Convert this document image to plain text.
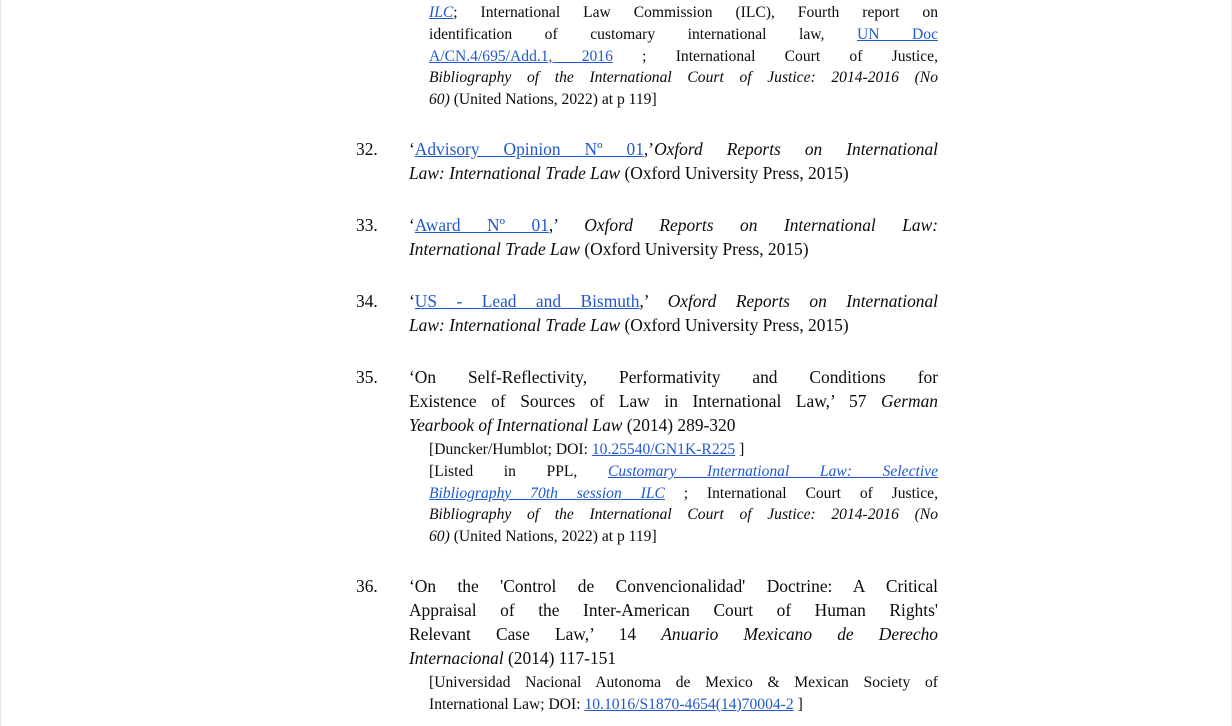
ILC; International Law Commission (ILC), Fourth report on
identification of customary international law, UN Doc
A/CN.4/695/Add.1, 2016 ; International Court of Justice,
Bibliography of the International Court of Justice: 2014-2016 (No
60) (United Nations, 2022) at p 119]
32.	‘Advisory Opinion Nº 01,’Oxford Reports on International
Law: International Trade Law (Oxford University Press, 2015)
33.	‘Award Nº 01,’ Oxford Reports on International Law:
International Trade Law (Oxford University Press, 2015)
34.	‘US - Lead and Bismuth,’ Oxford Reports on International
Law: International Trade Law (Oxford University Press, 2015)
35.	‘On Self-Reflectivity, Performativity and Conditions for
Existence of Sources of Law in International Law,’ 57 German
Yearbook of International Law (2014) 289-320
[Duncker/Humblot; DOI: 10.25540/GN1K-R225 ]
[Listed in PPL, Customary International Law: Selective
Bibliography 70th session ILC ; International Court of Justice,
Bibliography of the International Court of Justice: 2014-2016 (No
60) (United Nations, 2022) at p 119]
36.	‘On the 'Control de Convencionalidad' Doctrine: A Critical
Appraisal of the Inter-American Court of Human Rights'
Relevant Case Law,’ 14 Anuario Mexicano de Derecho
Internacional (2014) 117-151
[Universidad Nacional Autonoma de Mexico & Mexican Society of
International Law; DOI: 10.1016/S1870-4654(14)70004-2 ]
